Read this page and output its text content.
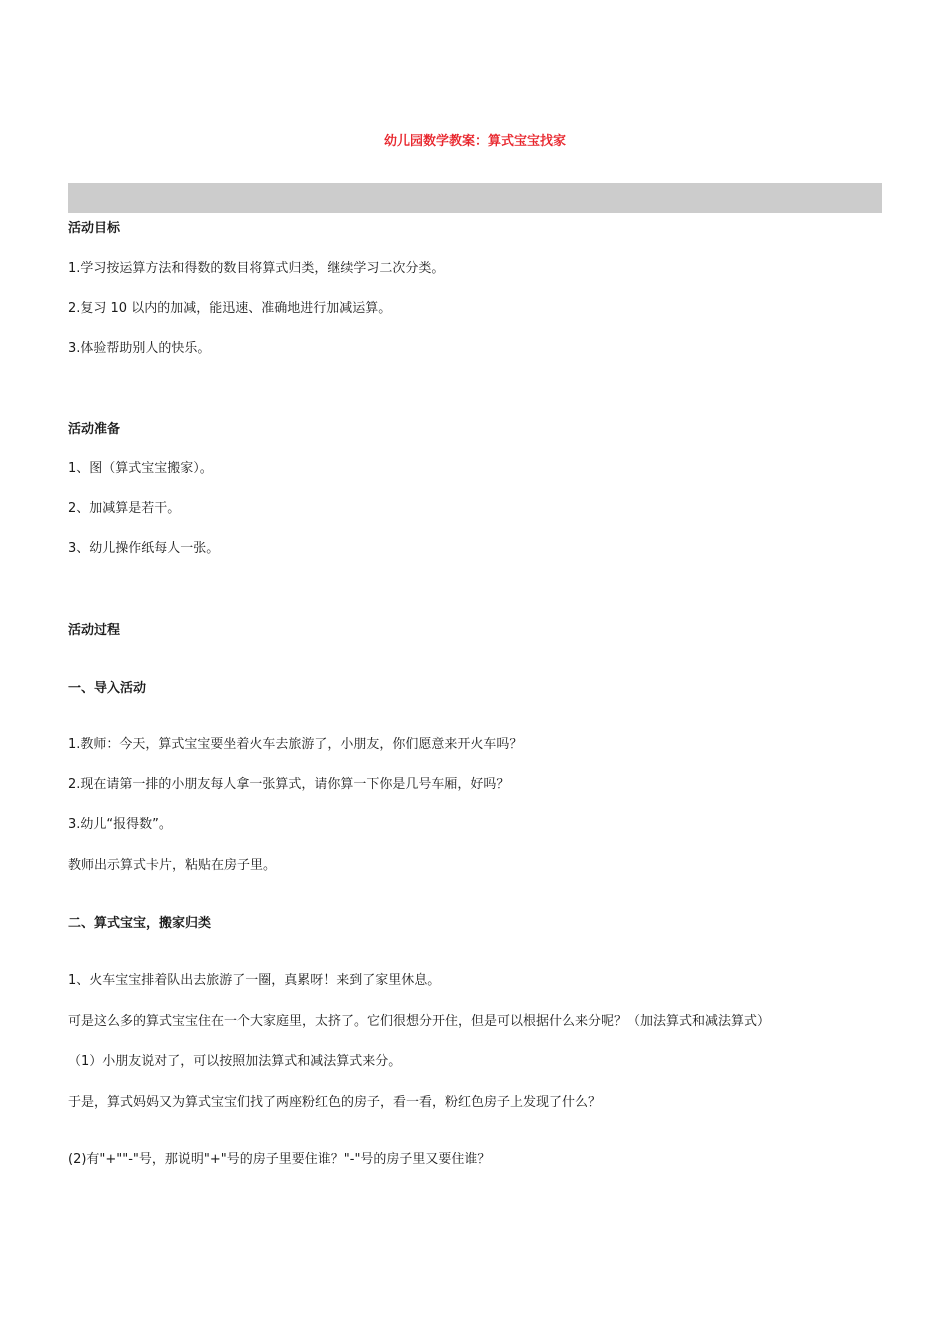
幼儿园数学教案：算式宝宝找家
活动目标
1.学习按运算方法和得数的数目将算式归类，继续学习二次分类。
2.复习 10 以内的加减，能迅速、准确地进行加减运算。
3.体验帮助别人的快乐。
活动准备
1、图（算式宝宝搬家）。
2、加减算是若干。
3、幼儿操作纸每人一张。
活动过程
一、导入活动
1.教师：今天，算式宝宝要坐着火车去旅游了，小朋友，你们愿意来开火车吗？
2.现在请第一排的小朋友每人拿一张算式，请你算一下你是几号车厢，好吗？
3.幼儿“报得数”。
教师出示算式卡片，粘贴在房子里。
二、算式宝宝，搬家归类
1、火车宝宝排着队出去旅游了一圈，真累呀！来到了家里休息。
可是这么多的算式宝宝住在一个大家庭里，太挤了。它们很想分开住，但是可以根据什么来分呢？（加法算式和减法算式）
（1）小朋友说对了，可以按照加法算式和减法算式来分。
于是，算式妈妈又为算式宝宝们找了两座粉红色的房子，看一看，粉红色房子上发现了什么？
(2)有"+""-"号，那说明"+"号的房子里要住谁？"-"号的房子里又要住谁？
